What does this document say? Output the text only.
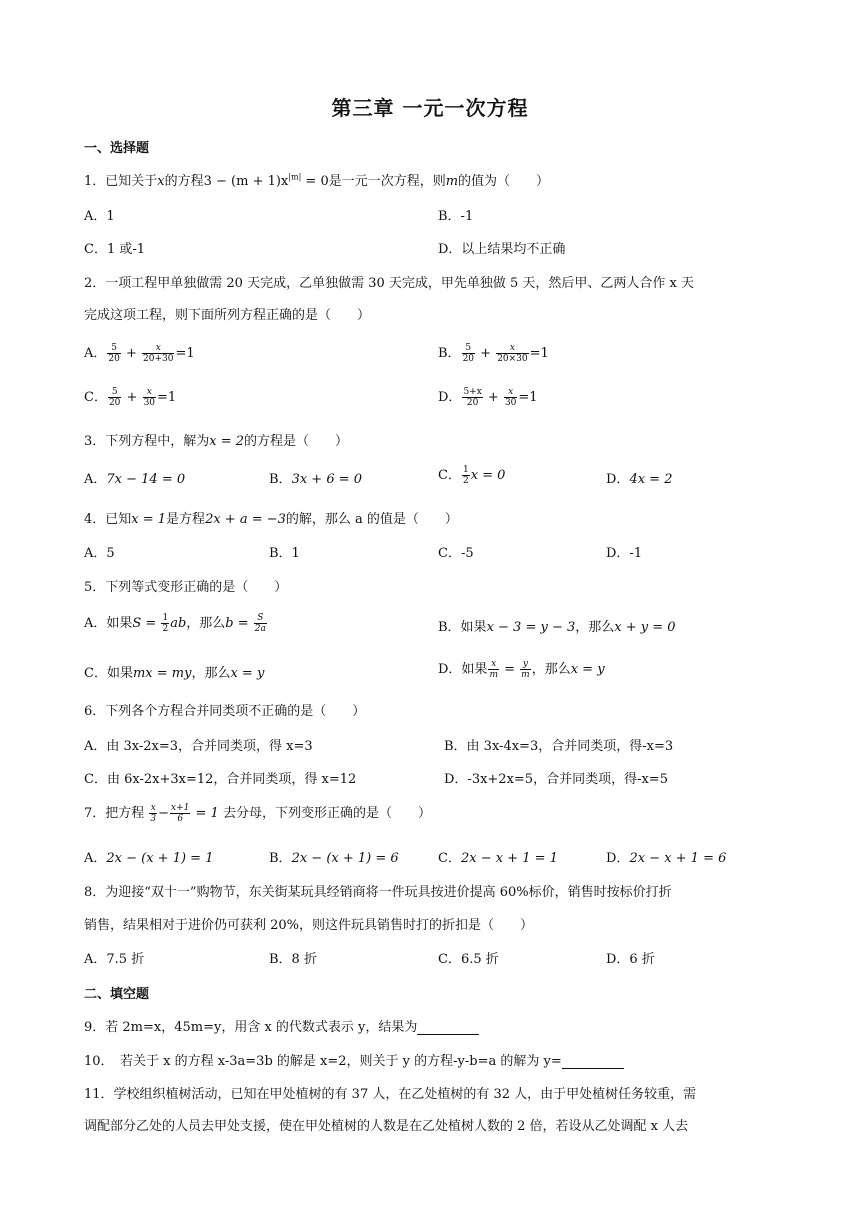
第三章 一元一次方程
一、选择题
1．已知关于x的方程$3 - (m + 1)x^{|m|} = 0$是一元一次方程，则m的值为（　　）
A．1	B．-1
C．1 或-1	D．以上结果均不正确
2．一项工程甲单独做需 20 天完成，乙单独做需 30 天完成，甲先单独做 5 天，然后甲、乙两人合作 x 天
完成这项工程，则下面所列方程正确的是（　　）
A． $\frac{5}{20} + \frac{x}{20+30} =1$	B． $\frac{5}{20} + \frac{x}{20\times 30} =1$
C． $\frac{5}{20} + \frac{x}{30} =1$	D． $\frac{5+x}{20} + \frac{x}{30} =1$
3．下列方程中，解为x = 2的方程是（　　）
A．7x − 14 = 0	B．3x + 6 = 0	C． $\frac{1}{2}$ x = 0	D．4x = 2
4．已知x = 1是方程2x + a = −3的解，那么 a 的值是（　　）
A．5	B．1	C．-5	D．-1
5．下列等式变形正确的是（　　）
A．如果$S = \frac{1}{2}$ ab，那么$b = \frac{S}{2a}$	B．如果x − 3 = y − 3，那么x + y = 0
C．如果mx = my，那么x = y	D．如果 $\frac{x}{m} = \frac{y}{m}$ ，那么x = y
6．下列各个方程合并同类项不正确的是（　　）
A．由 3x-2x=3，合并同类项，得 x=3	B．由 3x-4x=3，合并同类项，得-x=3
C．由 6x-2x+3x=12，合并同类项，得 x=12	D．-3x+2x=5，合并同类项，得-x=5
7．把方程 $\frac{x}{3} - \frac{x+1}{6} = 1$ 去分母，下列变形正确的是（　　）
A．2x − (x + 1) = 1	B．2x − (x + 1) = 6	C．2x − x + 1 = 1	D．2x − x + 1 = 6
8．为迎接“双十一”购物节，东关街某玩具经销商将一件玩具按进价提高 60%标价，销售时按标价打折
销售，结果相对于进价仍可获利 20%，则这件玩具销售时打的折扣是（　　）
A．7.5 折	B．8 折	C．6.5 折	D．6 折
二、填空题
9．若 2m=x，45m=y，用含 x 的代数式表示 y，结果为
10．　若关于 x 的方程 x-3a=3b 的解是 x=2，则关于 y 的方程-y-b=a 的解为 y=
11．学校组织植树活动，已知在甲处植树的有 37 人，在乙处植树的有 32 人，由于甲处植树任务较重，需
调配部分乙处的人员去甲处支援，使在甲处植树的人数是在乙处植树人数的 2 倍，若设从乙处调配 x 人去
